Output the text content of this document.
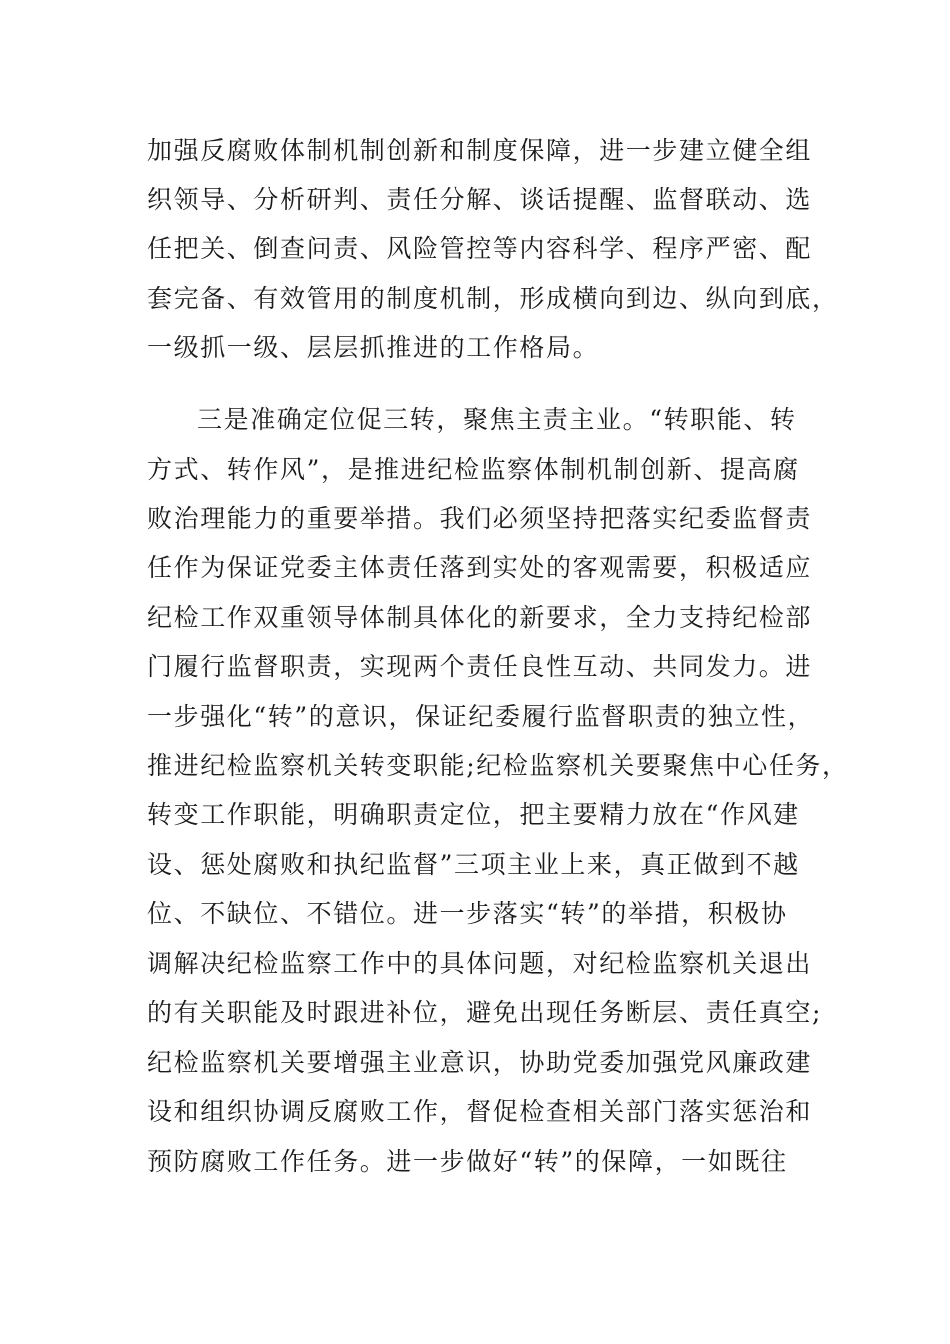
加强反腐败体制机制创新和制度保障，进一步建立健全组

织领导、分析研判、责任分解、谈话提醒、监督联动、选

任把关、倒查问责、风险管控等内容科学、程序严密、配

套完备、有效管用的制度机制，形成横向到边、纵向到底，

一级抓一级、层层抓推进的工作格局。

三是准确定位促三转，聚焦主责主业。“转职能、转

方式、转作风”，是推进纪检监察体制机制创新、提高腐

败治理能力的重要举措。我们必须坚持把落实纪委监督责

任作为保证党委主体责任落到实处的客观需要，积极适应

纪检工作双重领导体制具体化的新要求，全力支持纪检部

门履行监督职责，实现两个责任良性互动、共同发力。进

一步强化“转”的意识，保证纪委履行监督职责的独立性，

推进纪检监察机关转变职能;纪检监察机关要聚焦中心任务，

转变工作职能，明确职责定位，把主要精力放在“作风建

设、惩处腐败和执纪监督”三项主业上来，真正做到不越

位、不缺位、不错位。进一步落实“转”的举措，积极协

调解决纪检监察工作中的具体问题，对纪检监察机关退出

的有关职能及时跟进补位，避免出现任务断层、责任真空;

纪检监察机关要增强主业意识，协助党委加强党风廉政建

设和组织协调反腐败工作，督促检查相关部门落实惩治和

预防腐败工作任务。进一步做好“转”的保障，一如既往
